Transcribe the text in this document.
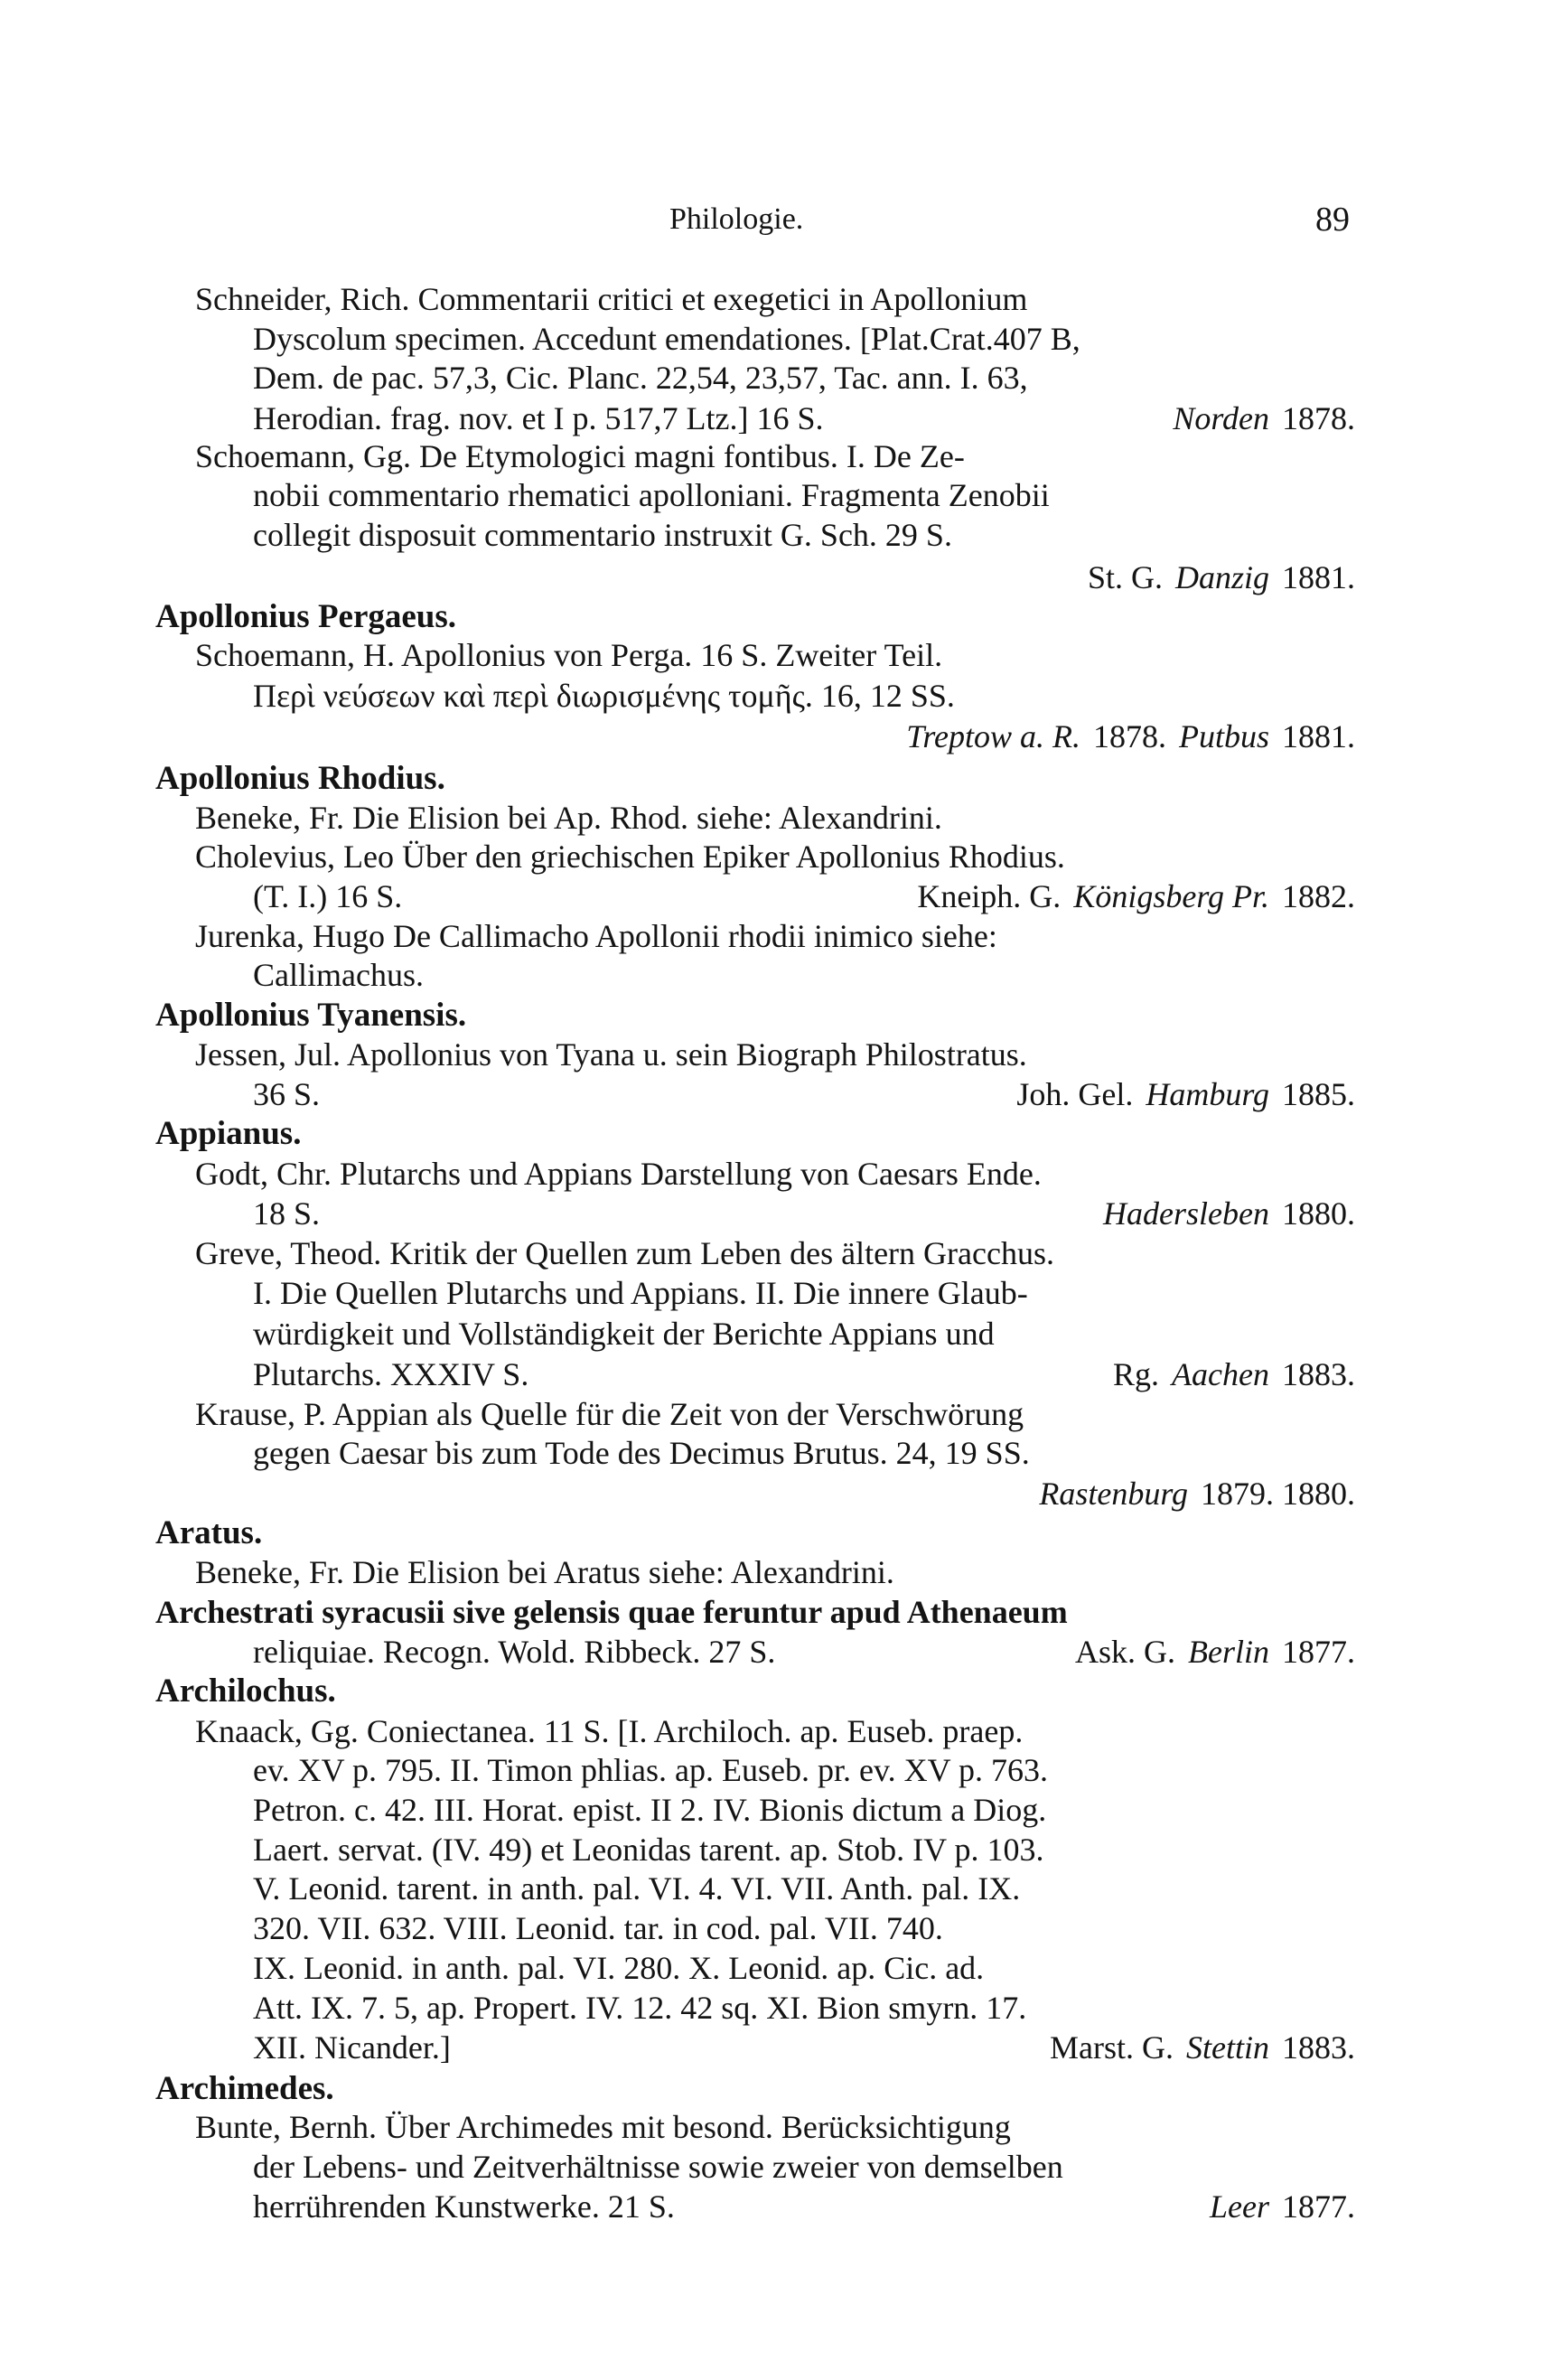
Philologie.	89
Schneider, Rich. Commentarii critici et exegetici in Apollonium
Dyscolum specimen. Accedunt emendationes. [Plat.Crat.407 B,
Dem. de pac. 57,3, Cic. Planc. 22,54, 23,57, Tac. ann. I. 63,
Herodian. frag. nov. et I p. 517,7 Ltz.] 16 S.	Norden 1878.
Schoemann, Gg. De Etymologici magni fontibus. I. De Ze-
nobii commentario rhematici apolloniani. Fragmenta Zenobii
collegit disposuit commentario instruxit G. Sch. 29 S.
St. G. Danzig 1881.
Apollonius Pergaeus.
Schoemann, H. Apollonius von Perga. 16 S. Zweiter Teil.
Περὶ νεύσεων καὶ περὶ διωρισμένης τομῆς. 16, 12 SS.
Treptow a. R. 1878. Putbus 1881.
Apollonius Rhodius.
Beneke, Fr. Die Elision bei Ap. Rhod. siehe: Alexandrini.
Cholevius, Leo Über den griechischen Epiker Apollonius Rhodius.
(T. I.) 16 S.	Kneiph. G. Königsberg Pr. 1882.
Jurenka, Hugo De Callimacho Apollonii rhodii inimico siehe:
Callimachus.
Apollonius Tyanensis.
Jessen, Jul. Apollonius von Tyana u. sein Biograph Philostratus.
36 S.	Joh. Gel. Hamburg 1885.
Appianus.
Godt, Chr. Plutarchs und Appians Darstellung von Caesars Ende.
18 S.	Hadersleben 1880.
Greve, Theod. Kritik der Quellen zum Leben des ältern Gracchus.
I. Die Quellen Plutarchs und Appians. II. Die innere Glaub-
würdigkeit und Vollständigkeit der Berichte Appians und
Plutarchs. XXXIV S.	Rg. Aachen 1883.
Krause, P. Appian als Quelle für die Zeit von der Verschwörung
gegen Caesar bis zum Tode des Decimus Brutus. 24, 19 SS.
Rastenburg 1879. 1880.
Aratus.
Beneke, Fr. Die Elision bei Aratus siehe: Alexandrini.
Archestrati syracusii sive gelensis quae feruntur apud Athenaeum
reliquiae. Recogn. Wold. Ribbeck. 27 S.	Ask. G. Berlin 1877.
Archilochus.
Knaack, Gg. Coniectanea. 11 S. [I. Archiloch. ap. Euseb. praep.
ev. XV p. 795. II. Timon phlias. ap. Euseb. pr. ev. XV p. 763.
Petron. c. 42. III. Horat. epist. II 2. IV. Bionis dictum a Diog.
Laert. servat. (IV. 49) et Leonidas tarent. ap. Stob. IV p. 103.
V. Leonid. tarent. in anth. pal. VI. 4. VI. VII. Anth. pal. IX.
320. VII. 632. VIII. Leonid. tar. in cod. pal. VII. 740.
IX. Leonid. in anth. pal. VI. 280. X. Leonid. ap. Cic. ad.
Att. IX. 7. 5, ap. Propert. IV. 12. 42 sq. XI. Bion smyrn. 17.
XII. Nicander.]	Marst. G. Stettin 1883.
Archimedes.
Bunte, Bernh. Über Archimedes mit besond. Berücksichtigung
der Lebens- und Zeitverhältnisse sowie zweier von demselben
herrührenden Kunstwerke. 21 S.	Leer 1877.
